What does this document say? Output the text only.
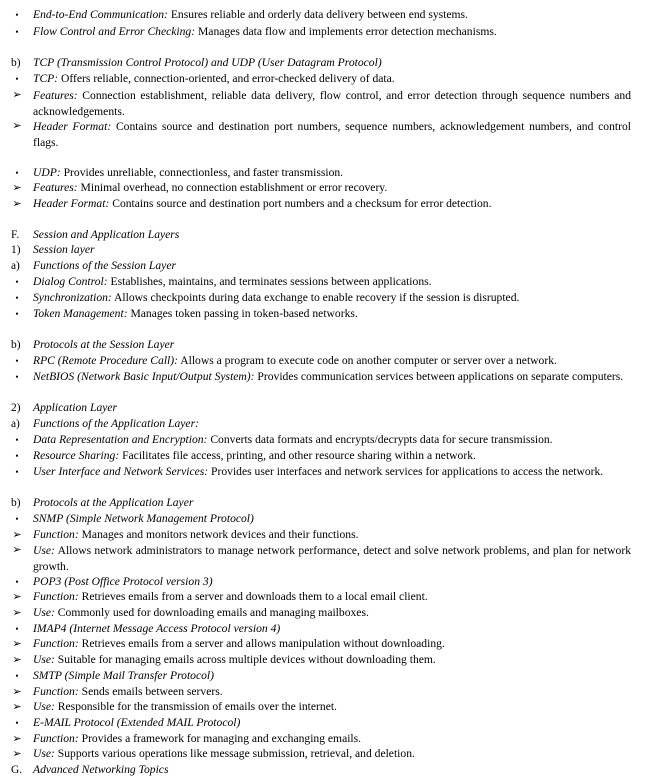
•	End-to-End Communication: Ensures reliable and orderly data delivery between end systems.
•	Flow Control and Error Checking: Manages data flow and implements error detection mechanisms.
b)	TCP (Transmission Control Protocol) and UDP (User Datagram Protocol)
•	TCP: Offers reliable, connection-oriented, and error-checked delivery of data.
➢ Features: Connection establishment, reliable data delivery, flow control, and error detection through sequence numbers and acknowledgements.
➢ Header Format: Contains source and destination port numbers, sequence numbers, acknowledgement numbers, and control flags.
•	UDP: Provides unreliable, connectionless, and faster transmission.
➢ Features: Minimal overhead, no connection establishment or error recovery.
➢ Header Format: Contains source and destination port numbers and a checksum for error detection.
F.	Session and Application Layers
1)	Session layer
a)	Functions of the Session Layer
•	Dialog Control: Establishes, maintains, and terminates sessions between applications.
•	Synchronization: Allows checkpoints during data exchange to enable recovery if the session is disrupted.
•	Token Management: Manages token passing in token-based networks.
b)	Protocols at the Session Layer
•	RPC (Remote Procedure Call): Allows a program to execute code on another computer or server over a network.
•	NetBIOS (Network Basic Input/Output System): Provides communication services between applications on separate computers.
2)	Application Layer
a)	Functions of the Application Layer:
•	Data Representation and Encryption: Converts data formats and encrypts/decrypts data for secure transmission.
•	Resource Sharing: Facilitates file access, printing, and other resource sharing within a network.
•	User Interface and Network Services: Provides user interfaces and network services for applications to access the network.
b)	Protocols at the Application Layer
•	SNMP (Simple Network Management Protocol)
➢ Function: Manages and monitors network devices and their functions.
➢ Use: Allows network administrators to manage network performance, detect and solve network problems, and plan for network growth.
•	POP3 (Post Office Protocol version 3)
➢ Function: Retrieves emails from a server and downloads them to a local email client.
➢ Use: Commonly used for downloading emails and managing mailboxes.
•	IMAP4 (Internet Message Access Protocol version 4)
➢ Function: Retrieves emails from a server and allows manipulation without downloading.
➢ Use: Suitable for managing emails across multiple devices without downloading them.
•	SMTP (Simple Mail Transfer Protocol)
➢ Function: Sends emails between servers.
➢ Use: Responsible for the transmission of emails over the internet.
•	E-MAIL Protocol (Extended MAIL Protocol)
➢ Function: Provides a framework for managing and exchanging emails.
➢ Use: Supports various operations like message submission, retrieval, and deletion.
G. Advanced Networking Topics
